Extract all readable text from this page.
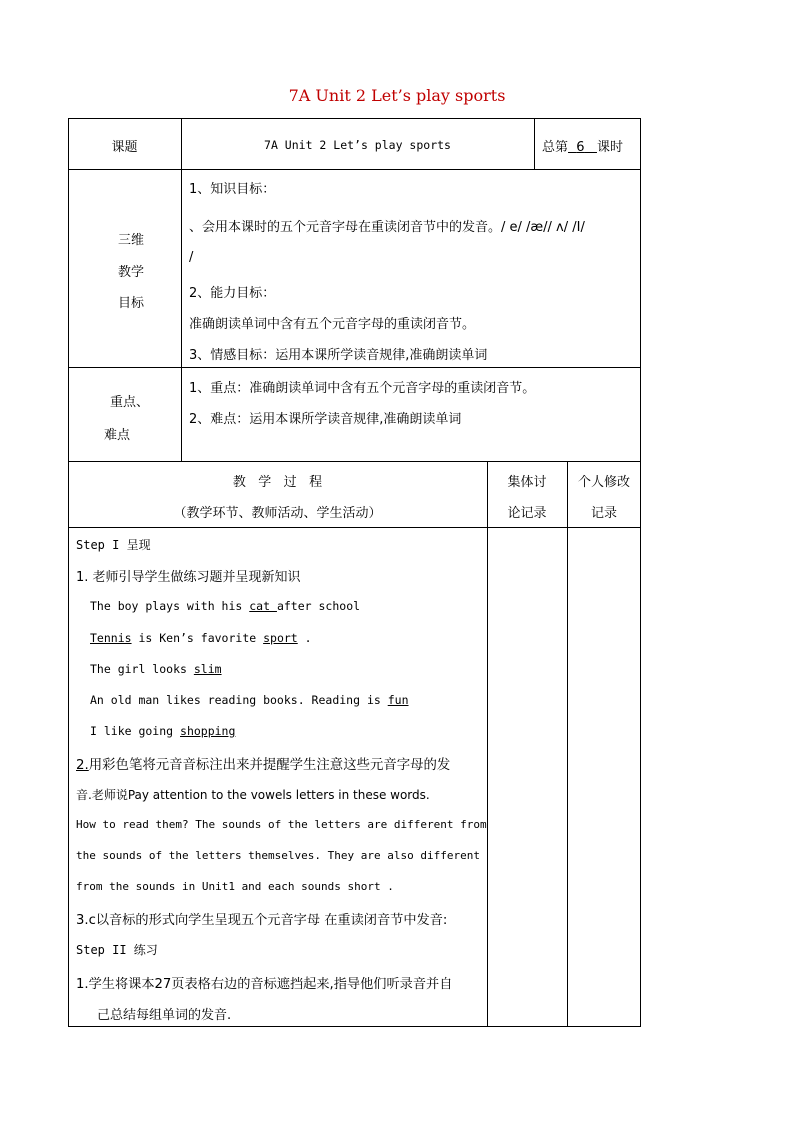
7A Unit 2 Let’s play sports
课题	7A Unit 2 Let’s play sports	总第 6 课时
三维
教学
目标
1、知识目标：
、会用本课时的五个元音字母在重读闭音节中的发音。/ e/ /æ// ʌ/ /I/
/
2、能力目标：
准确朗读单词中含有五个元音字母的重读闭音节。
3、情感目标：运用本课所学读音规律,准确朗读单词
重点、
难点
1、重点：准确朗读单词中含有五个元音字母的重读闭音节。
2、难点：运用本课所学读音规律,准确朗读单词
教   学   过   程
（教学环节、教师活动、学生活动）
集体讨
论记录
个人修改
记录
Step I 呈现
1. 老师引导学生做练习题并呈现新知识
The boy plays with his cat after school
Tennis is Ken’s favorite sport .
The girl looks slim
An old man likes reading books. Reading is fun
I like going shopping
2.用彩色笔将元音音标注出来并提醒学生注意这些元音字母的发
音.老师说Pay attention to the vowels letters in these words.
How to read them? The sounds of the letters are different from
the sounds of the letters themselves. They are also different
from the sounds in Unit1 and each sounds short .
3.c以音标的形式向学生呈现五个元音字母 在重读闭音节中发音:
Step II 练习
1.学生将课本27页表格右边的音标遮挡起来,指导他们听录音并自
己总结每组单词的发音.
